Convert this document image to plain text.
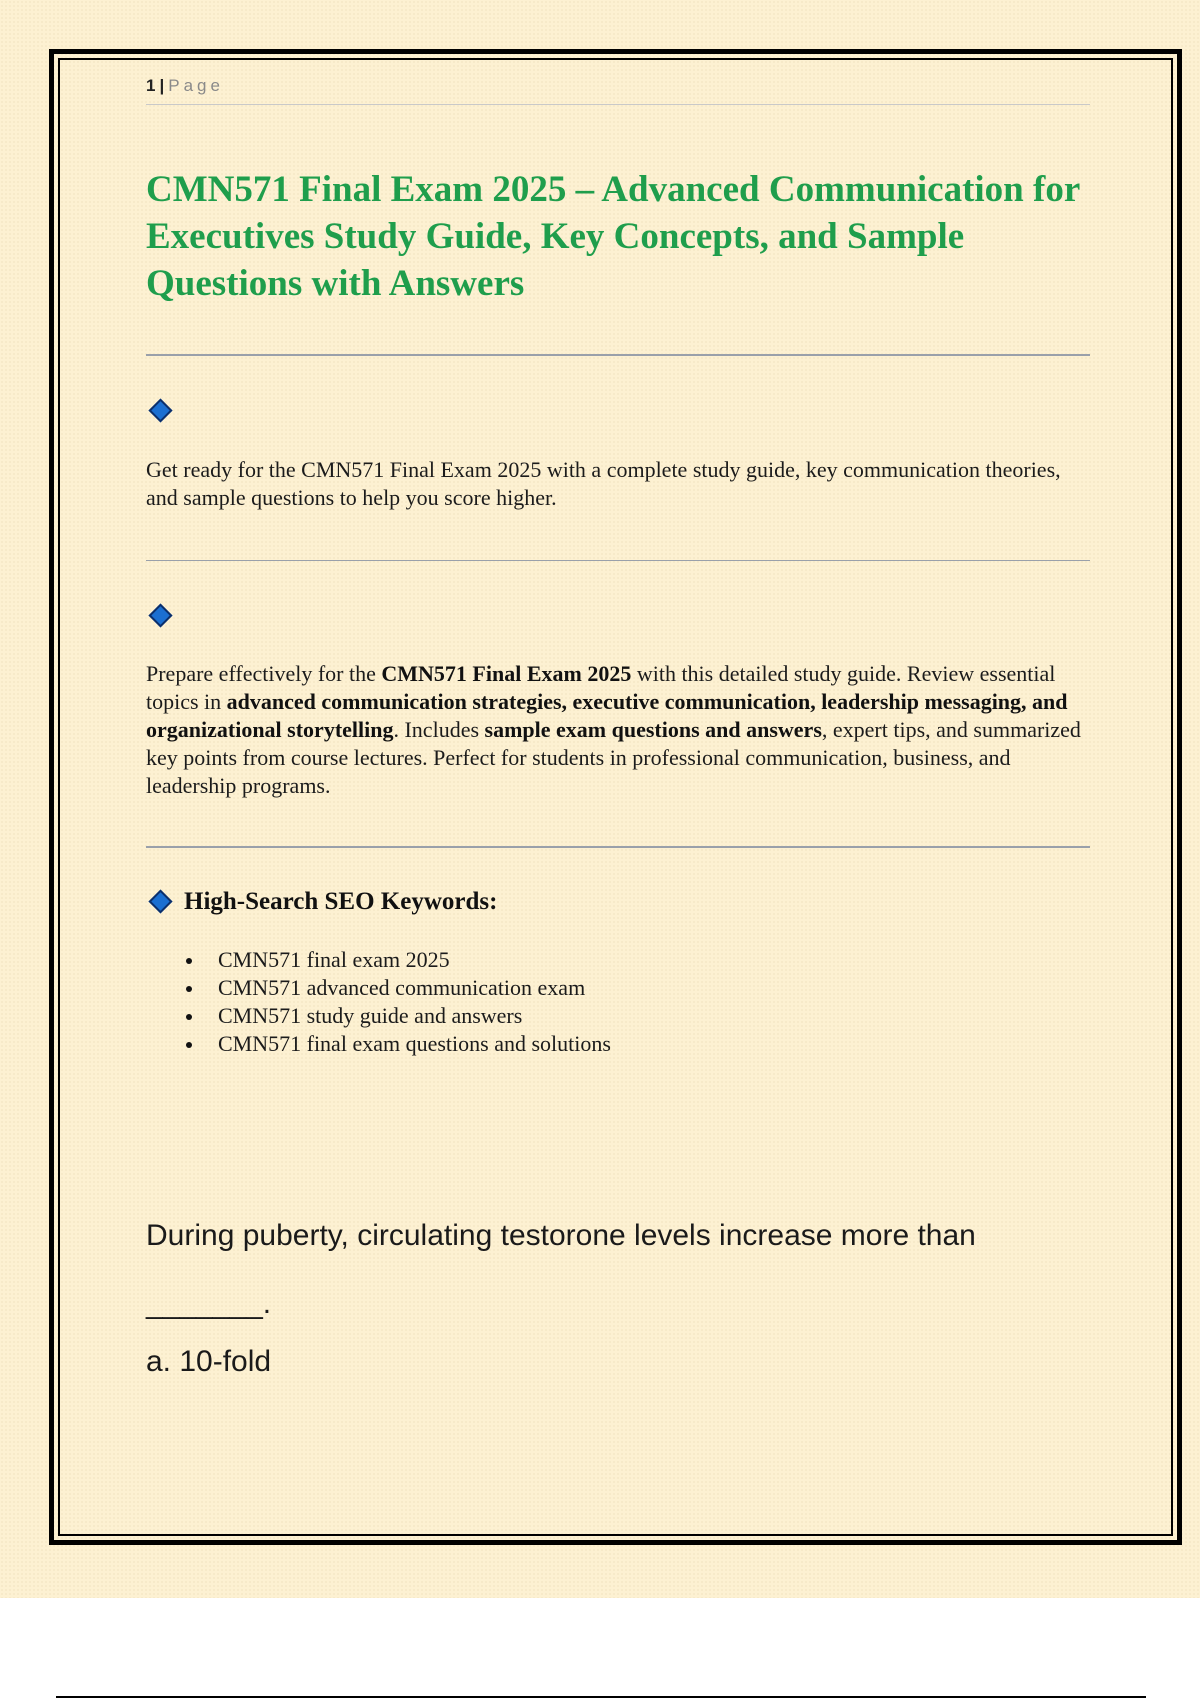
1 | Page
CMN571 Final Exam 2025 – Advanced Communication for Executives Study Guide, Key Concepts, and Sample Questions with Answers

Get ready for the CMN571 Final Exam 2025 with a complete study guide, key communication theories, and sample questions to help you score higher.

Prepare effectively for the CMN571 Final Exam 2025 with this detailed study guide. Review essential topics in advanced communication strategies, executive communication, leadership messaging, and organizational storytelling. Includes sample exam questions and answers, expert tips, and summarized key points from course lectures. Perfect for students in professional communication, business, and leadership programs.

High-Search SEO Keywords:
CMN571 final exam 2025
CMN571 advanced communication exam
CMN571 study guide and answers
CMN571 final exam questions and solutions

During puberty, circulating testorone levels increase more than

_______.

a. 10-fold
